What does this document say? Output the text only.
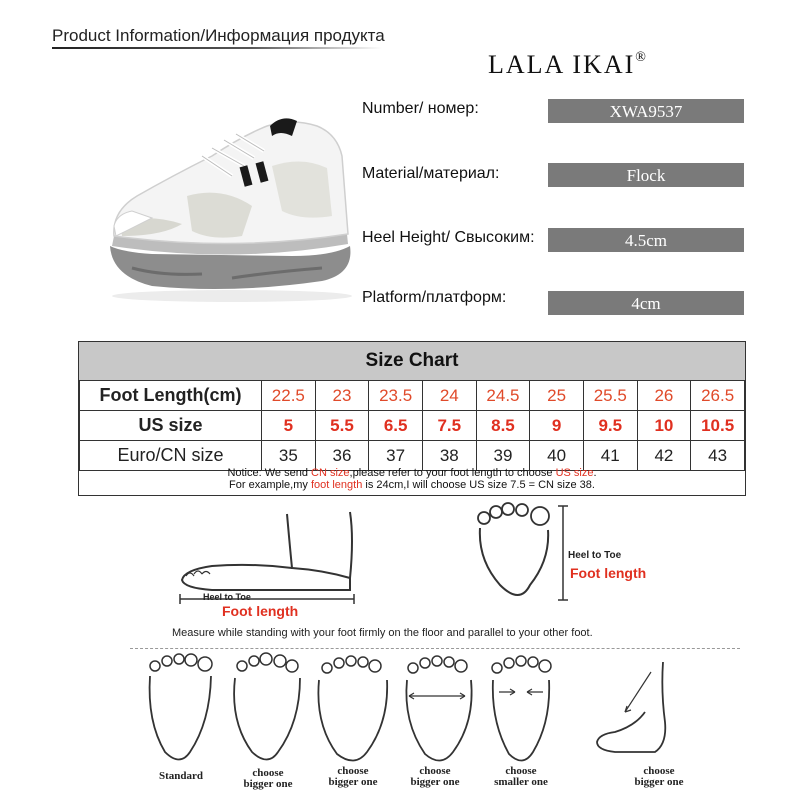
Product Information/Информация продукта
LALA IKAI®
Number/ номер:	XWA9537
Material/материал:	Flock
Heel Height/ Свысоким:	4.5cm
Platform/платформ:	4cm
Size Chart
Foot Length(cm)	22.5	23	23.5	24	24.5	25	25.5	26	26.5
US size	5	5.5	6.5	7.5	8.5	9	9.5	10	10.5
Euro/CN size	35	36	37	38	39	40	41	42	43
Notice: We send CN size,please refer to your foot length to choose US size.
For example,my foot length is 24cm,I will choose US size 7.5 = CN size 38.
Heel to Toe
Foot length
Heel to Toe
Foot length
Measure while standing with your foot firmly on the floor and parallel to your other foot.
Standard	choose
bigger one
choose
bigger one
choose
bigger one
choose
smaller one
choose
bigger one
